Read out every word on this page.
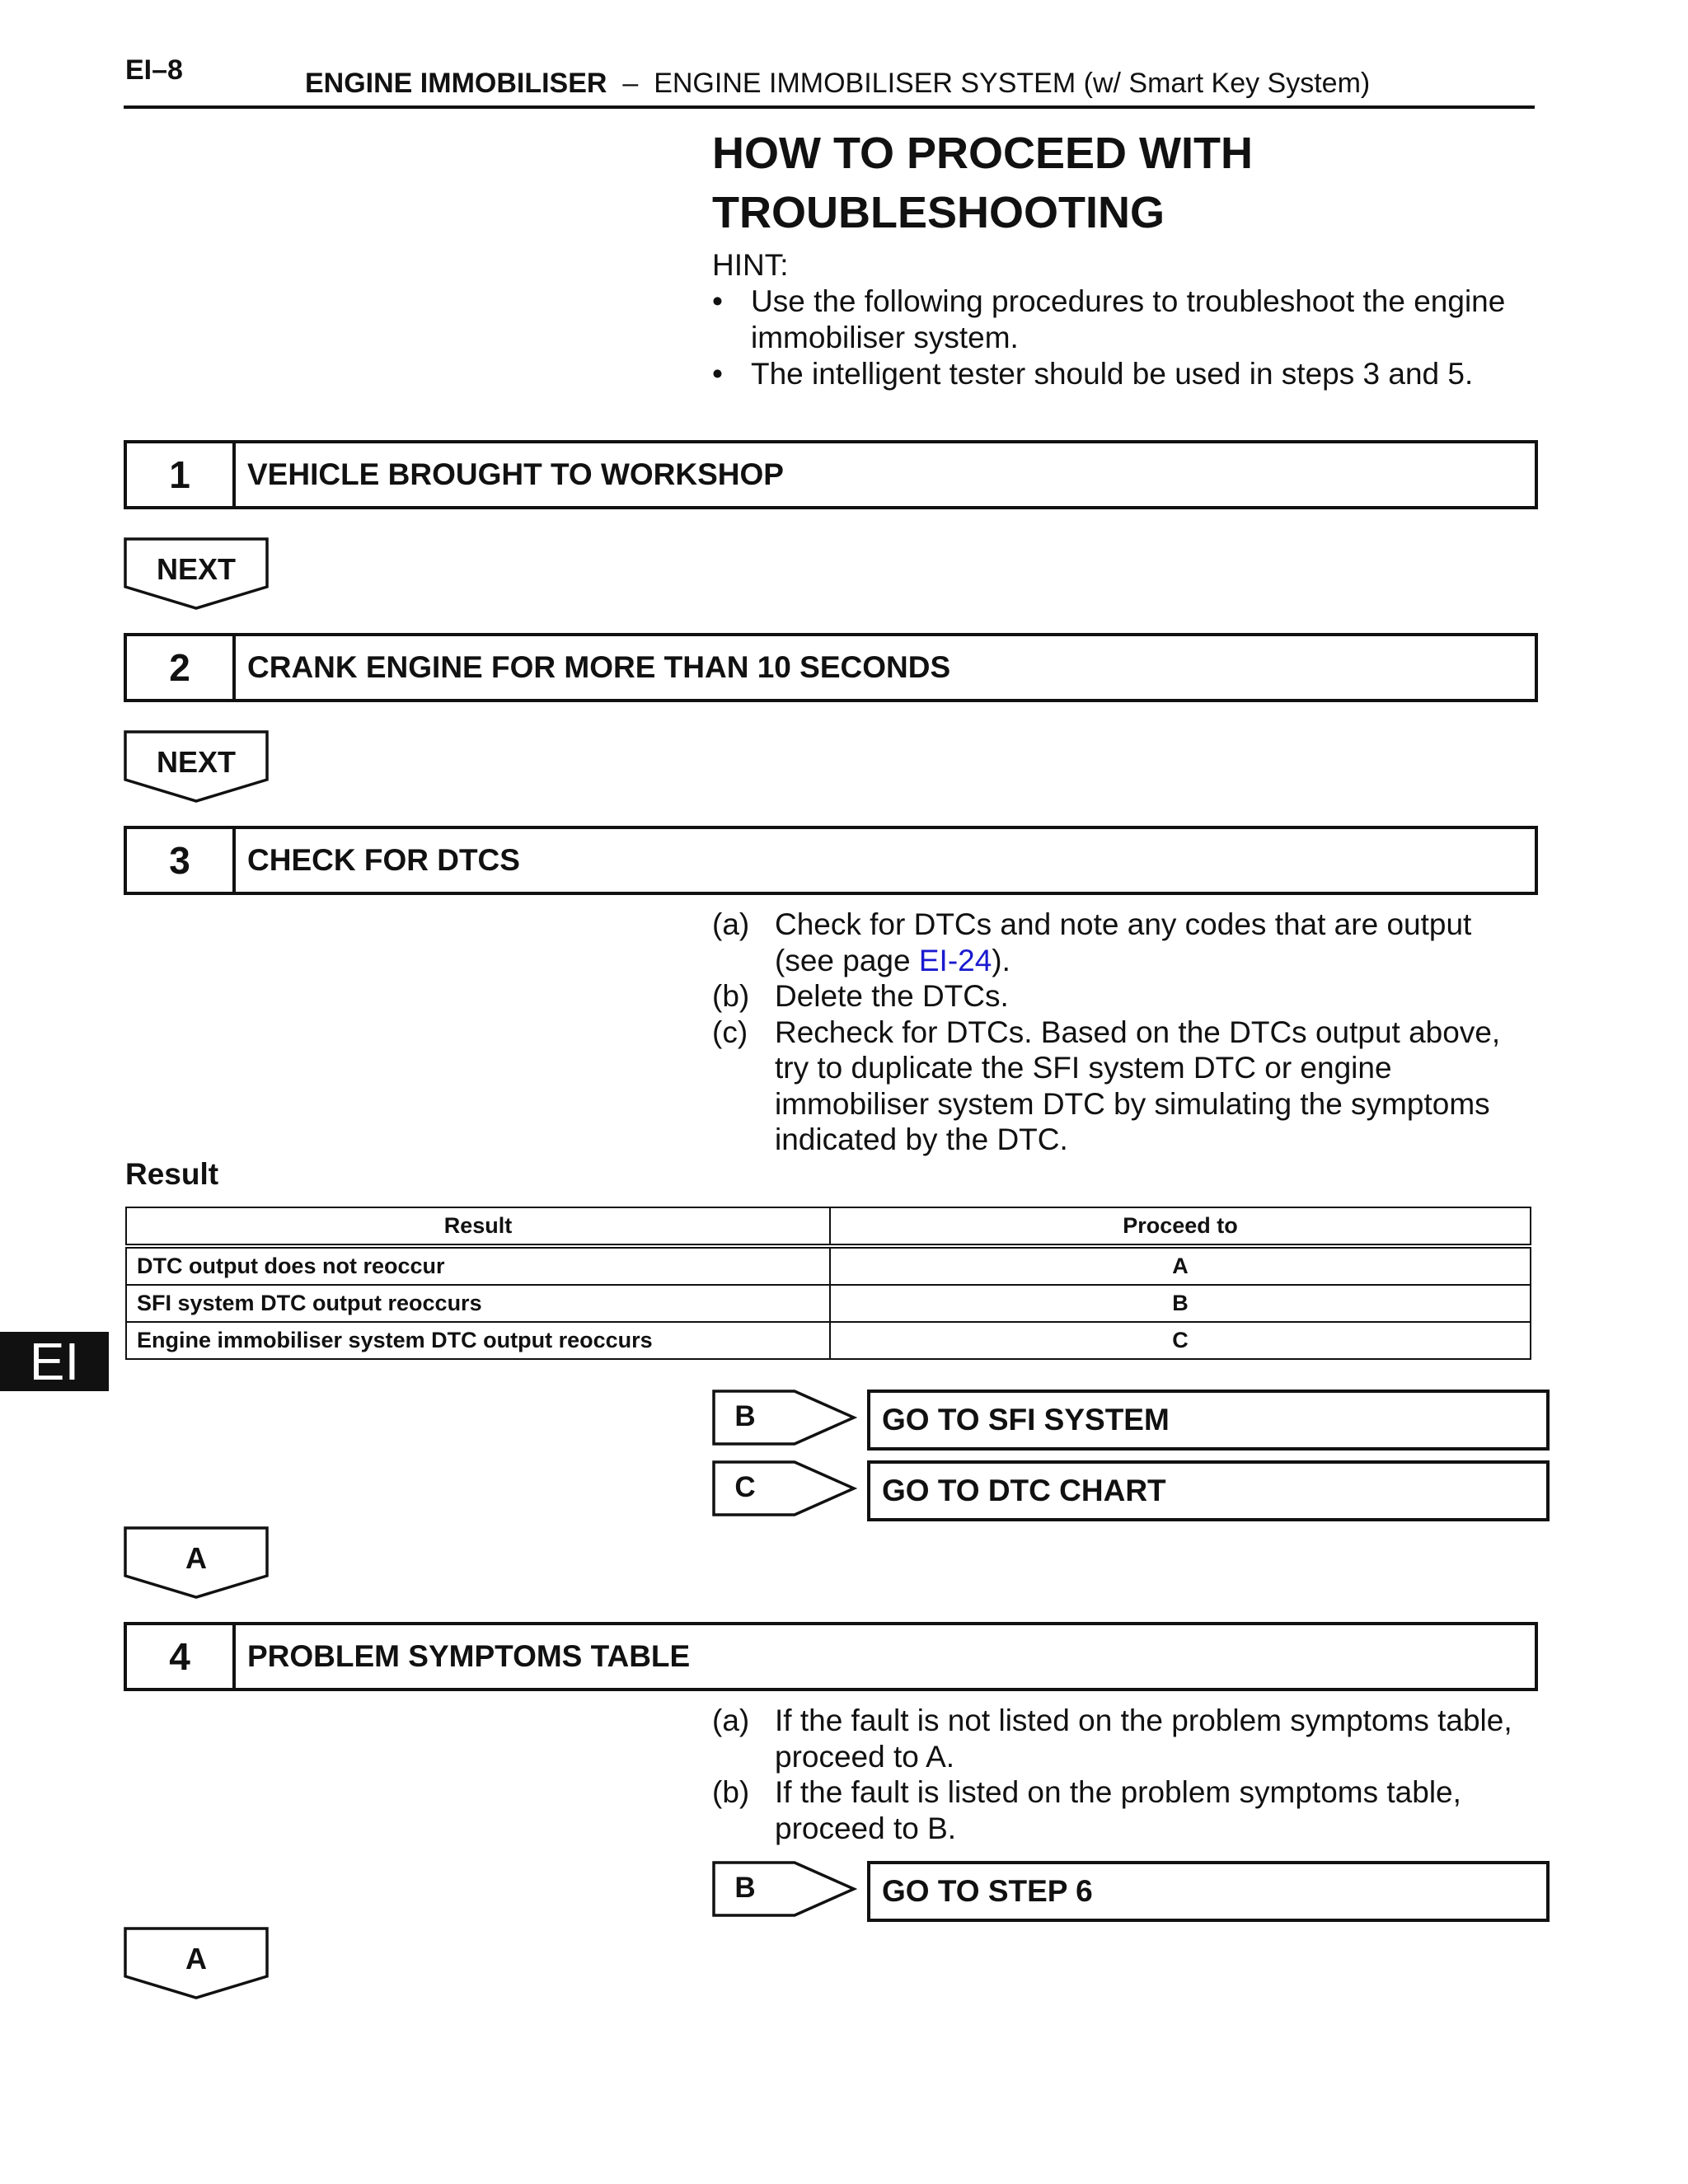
EI–8	ENGINE IMMOBILISER – ENGINE IMMOBILISER SYSTEM (w/ Smart Key System)
HOW TO PROCEED WITH
TROUBLESHOOTING
HINT:
• Use the following procedures to troubleshoot the engine immobiliser system.
• The intelligent tester should be used in steps 3 and 5.
1	VEHICLE BROUGHT TO WORKSHOP
NEXT
2	CRANK ENGINE FOR MORE THAN 10 SECONDS
NEXT
3	CHECK FOR DTCS
(a) Check for DTCs and note any codes that are output (see page EI-24).
(b) Delete the DTCs.
(c) Recheck for DTCs. Based on the DTCs output above, try to duplicate the SFI system DTC or engine immobiliser system DTC by simulating the symptoms indicated by the DTC.
Result
Result	Proceed to
DTC output does not reoccur	A
SFI system DTC output reoccurs	B
Engine immobiliser system DTC output reoccurs	C
EI
B	GO TO SFI SYSTEM
C	GO TO DTC CHART
A
4	PROBLEM SYMPTOMS TABLE
(a) If the fault is not listed on the problem symptoms table, proceed to A.
(b) If the fault is listed on the problem symptoms table, proceed to B.
B	GO TO STEP 6
A
